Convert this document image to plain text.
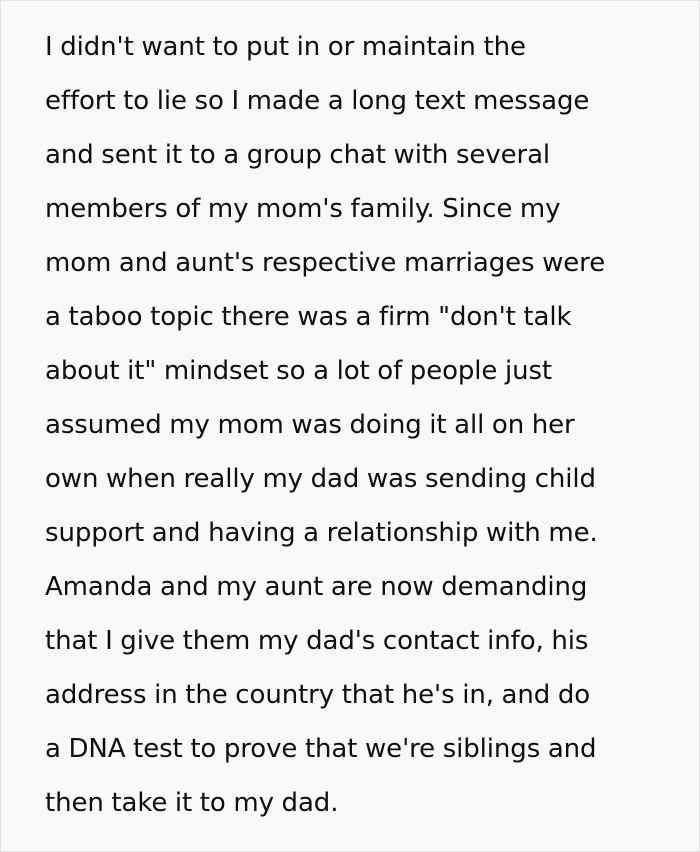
I didn't want to put in or maintain the
effort to lie so I made a long text message
and sent it to a group chat with several
members of my mom's family. Since my
mom and aunt's respective marriages were
a taboo topic there was a firm "don't talk
about it" mindset so a lot of people just
assumed my mom was doing it all on her
own when really my dad was sending child
support and having a relationship with me.
Amanda and my aunt are now demanding
that I give them my dad's contact info, his
address in the country that he's in, and do
a DNA test to prove that we're siblings and
then take it to my dad.
